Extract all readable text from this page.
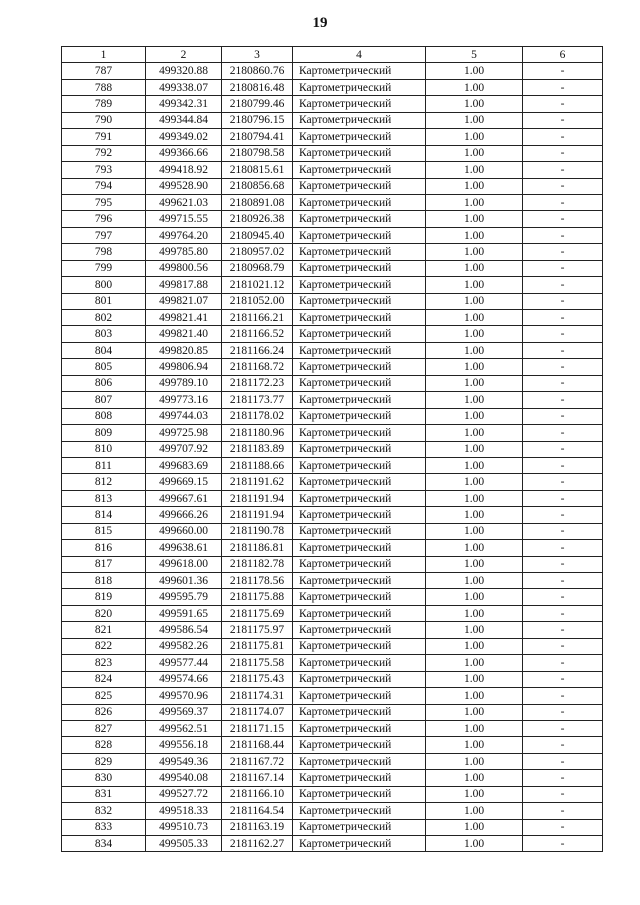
19
1	2	3	4	5	6
787	499320.88	2180860.76	Картометрический	1.00	-
788	499338.07	2180816.48	Картометрический	1.00	-
789	499342.31	2180799.46	Картометрический	1.00	-
790	499344.84	2180796.15	Картометрический	1.00	-
791	499349.02	2180794.41	Картометрический	1.00	-
792	499366.66	2180798.58	Картометрический	1.00	-
793	499418.92	2180815.61	Картометрический	1.00	-
794	499528.90	2180856.68	Картометрический	1.00	-
795	499621.03	2180891.08	Картометрический	1.00	-
796	499715.55	2180926.38	Картометрический	1.00	-
797	499764.20	2180945.40	Картометрический	1.00	-
798	499785.80	2180957.02	Картометрический	1.00	-
799	499800.56	2180968.79	Картометрический	1.00	-
800	499817.88	2181021.12	Картометрический	1.00	-
801	499821.07	2181052.00	Картометрический	1.00	-
802	499821.41	2181166.21	Картометрический	1.00	-
803	499821.40	2181166.52	Картометрический	1.00	-
804	499820.85	2181166.24	Картометрический	1.00	-
805	499806.94	2181168.72	Картометрический	1.00	-
806	499789.10	2181172.23	Картометрический	1.00	-
807	499773.16	2181173.77	Картометрический	1.00	-
808	499744.03	2181178.02	Картометрический	1.00	-
809	499725.98	2181180.96	Картометрический	1.00	-
810	499707.92	2181183.89	Картометрический	1.00	-
811	499683.69	2181188.66	Картометрический	1.00	-
812	499669.15	2181191.62	Картометрический	1.00	-
813	499667.61	2181191.94	Картометрический	1.00	-
814	499666.26	2181191.94	Картометрический	1.00	-
815	499660.00	2181190.78	Картометрический	1.00	-
816	499638.61	2181186.81	Картометрический	1.00	-
817	499618.00	2181182.78	Картометрический	1.00	-
818	499601.36	2181178.56	Картометрический	1.00	-
819	499595.79	2181175.88	Картометрический	1.00	-
820	499591.65	2181175.69	Картометрический	1.00	-
821	499586.54	2181175.97	Картометрический	1.00	-
822	499582.26	2181175.81	Картометрический	1.00	-
823	499577.44	2181175.58	Картометрический	1.00	-
824	499574.66	2181175.43	Картометрический	1.00	-
825	499570.96	2181174.31	Картометрический	1.00	-
826	499569.37	2181174.07	Картометрический	1.00	-
827	499562.51	2181171.15	Картометрический	1.00	-
828	499556.18	2181168.44	Картометрический	1.00	-
829	499549.36	2181167.72	Картометрический	1.00	-
830	499540.08	2181167.14	Картометрический	1.00	-
831	499527.72	2181166.10	Картометрический	1.00	-
832	499518.33	2181164.54	Картометрический	1.00	-
833	499510.73	2181163.19	Картометрический	1.00	-
834	499505.33	2181162.27	Картометрический	1.00	-
